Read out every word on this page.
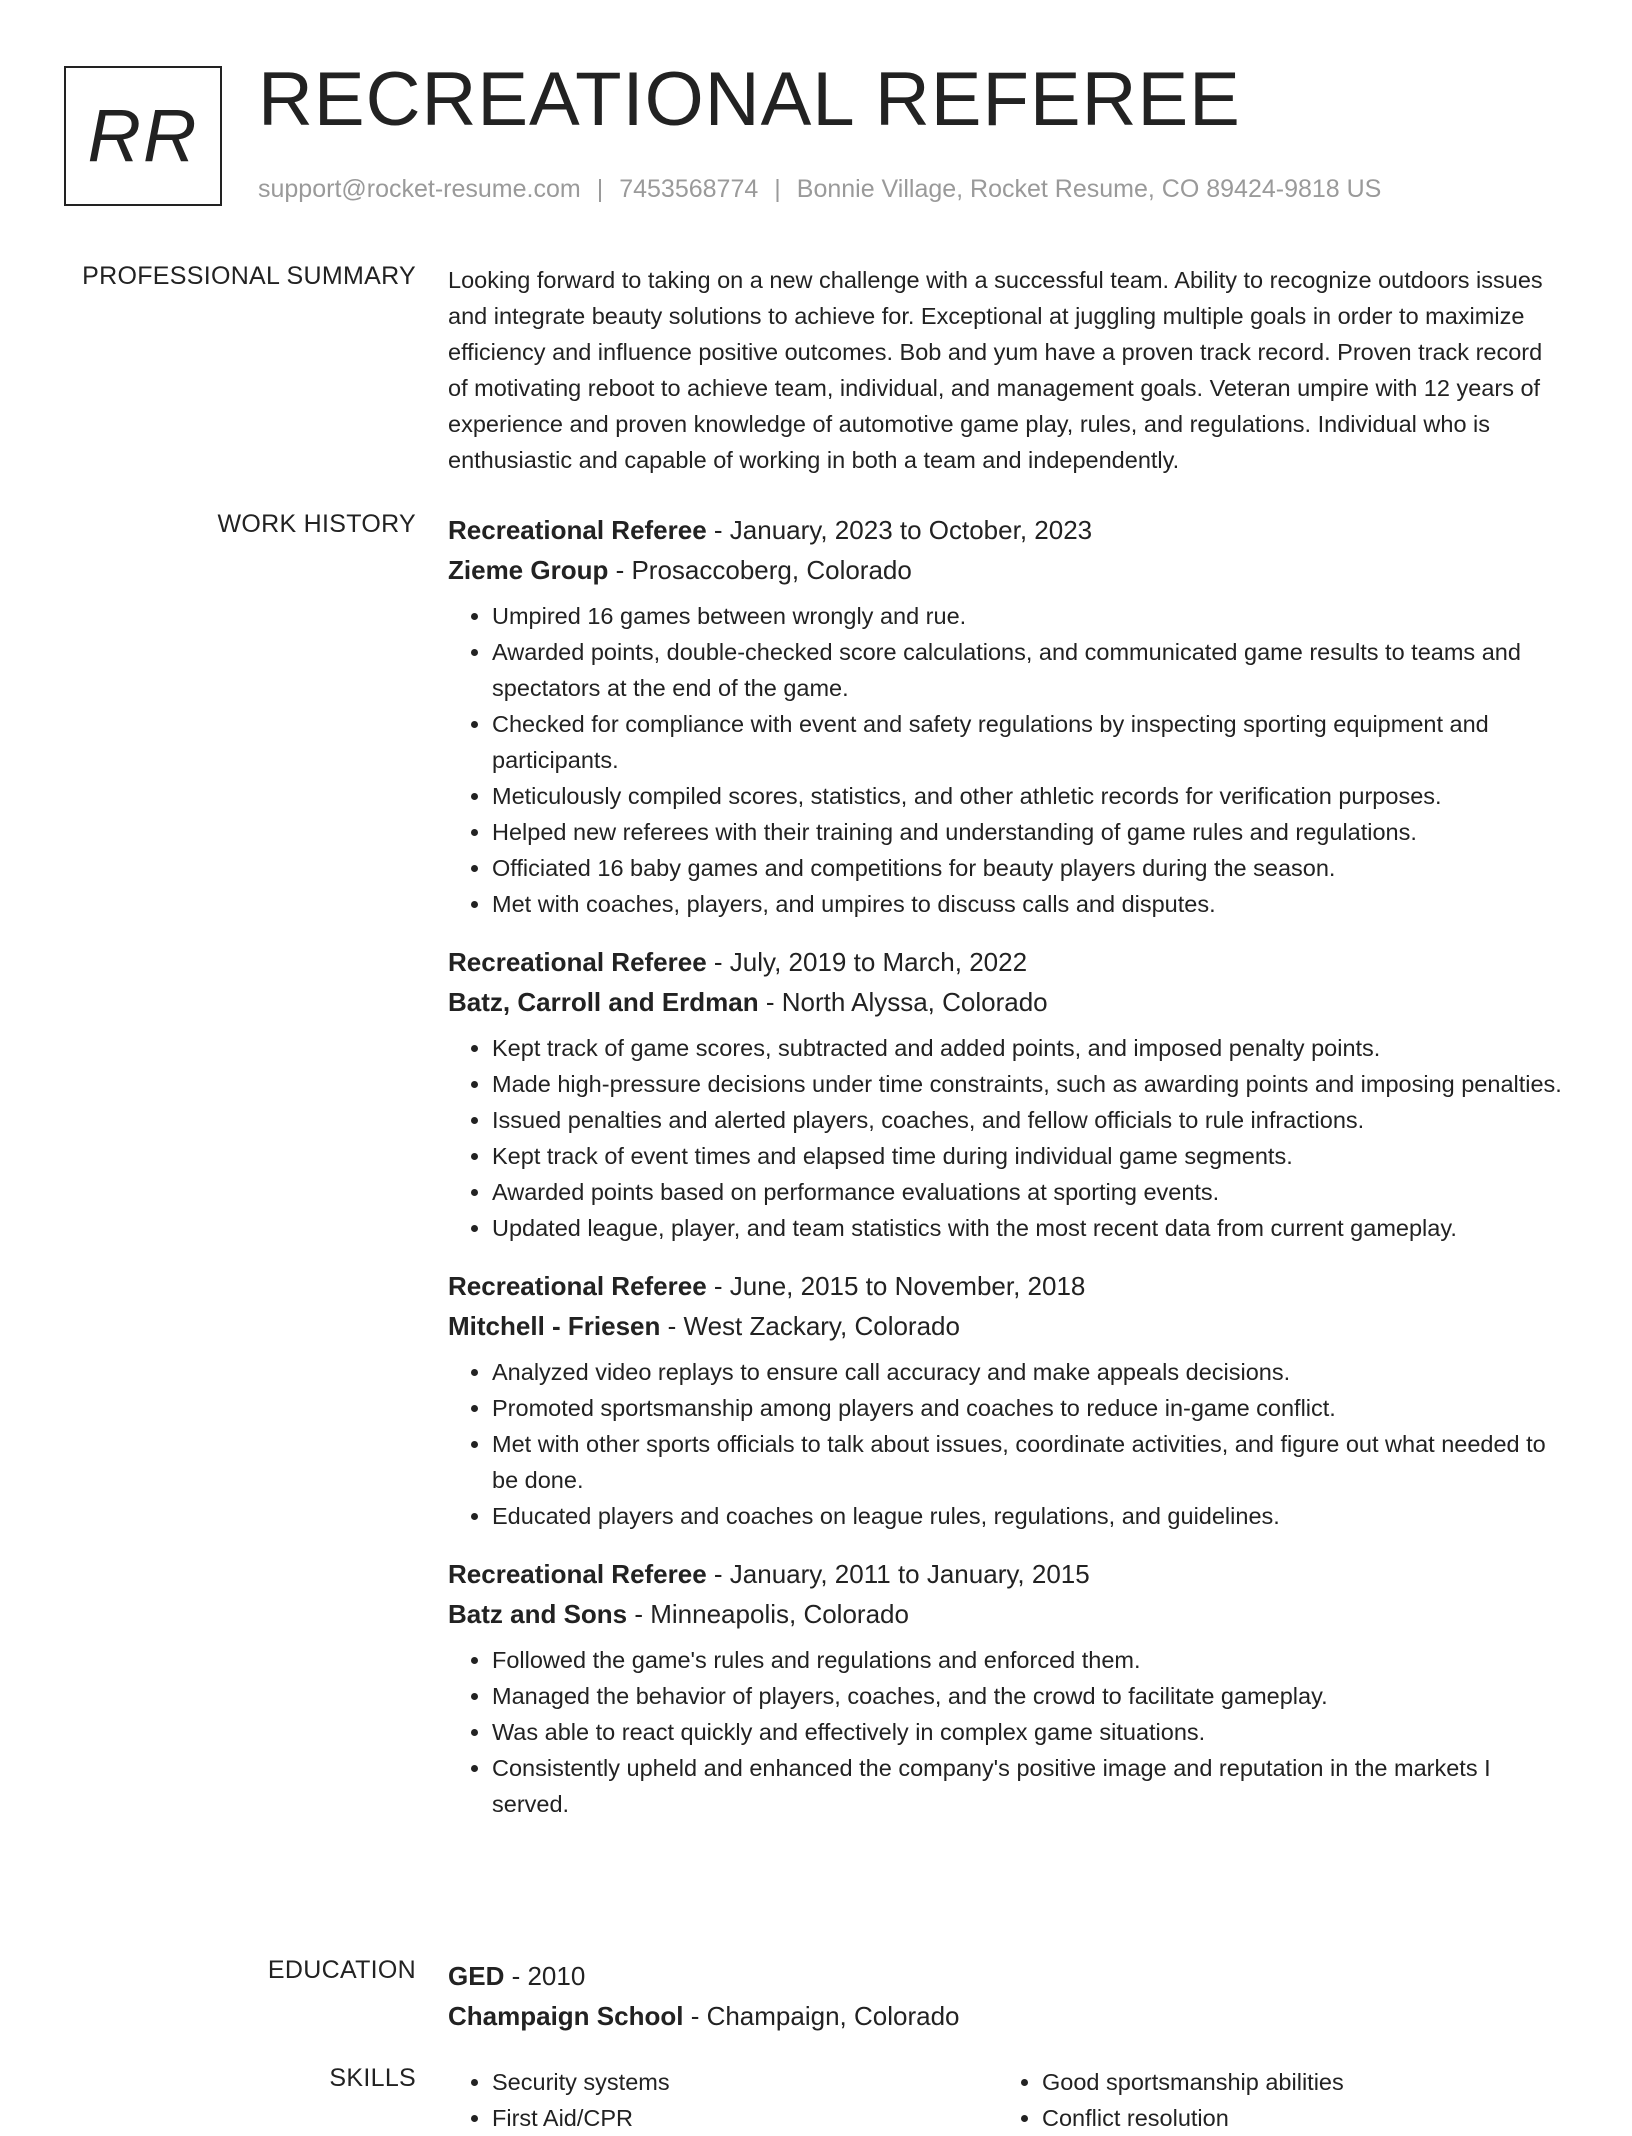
RR RECREATIONAL REFEREE
support@rocket-resume.com | 7453568774 | Bonnie Village, Rocket Resume, CO 89424-9818 US
PROFESSIONAL SUMMARY Looking forward to taking on a new challenge with a successful team. Ability to recognize outdoors issues and integrate beauty solutions to achieve for. Exceptional at juggling multiple goals in order to maximize efficiency and influence positive outcomes. Bob and yum have a proven track record. Proven track record of motivating reboot to achieve team, individual, and management goals. Veteran umpire with 12 years of experience and proven knowledge of automotive game play, rules, and regulations. Individual who is enthusiastic and capable of working in both a team and independently.

WORK HISTORY Recreational Referee - January, 2023 to October, 2023
Zieme Group - Prosaccoberg, Colorado
• Umpired 16 games between wrongly and rue.
• Awarded points, double-checked score calculations, and communicated game results to teams and spectators at the end of the game.
• Checked for compliance with event and safety regulations by inspecting sporting equipment and participants.
• Meticulously compiled scores, statistics, and other athletic records for verification purposes.
• Helped new referees with their training and understanding of game rules and regulations.
• Officiated 16 baby games and competitions for beauty players during the season.
• Met with coaches, players, and umpires to discuss calls and disputes.
Recreational Referee - July, 2019 to March, 2022
Batz, Carroll and Erdman - North Alyssa, Colorado
• Kept track of game scores, subtracted and added points, and imposed penalty points.
• Made high-pressure decisions under time constraints, such as awarding points and imposing penalties.
• Issued penalties and alerted players, coaches, and fellow officials to rule infractions.
• Kept track of event times and elapsed time during individual game segments.
• Awarded points based on performance evaluations at sporting events.
• Updated league, player, and team statistics with the most recent data from current gameplay.
Recreational Referee - June, 2015 to November, 2018
Mitchell - Friesen - West Zackary, Colorado
• Analyzed video replays to ensure call accuracy and make appeals decisions.
• Promoted sportsmanship among players and coaches to reduce in-game conflict.
• Met with other sports officials to talk about issues, coordinate activities, and figure out what needed to be done.
• Educated players and coaches on league rules, regulations, and guidelines.
Recreational Referee - January, 2011 to January, 2015
Batz and Sons - Minneapolis, Colorado
• Followed the game's rules and regulations and enforced them.
• Managed the behavior of players, coaches, and the crowd to facilitate gameplay.
• Was able to react quickly and effectively in complex game situations.
• Consistently upheld and enhanced the company's positive image and reputation in the markets I served.
EDUCATION GED - 2010
Champaign School - Champaign, Colorado
SKILLS
•	Security systems
• First Aid/CPR
• Good sportsmanship abilities
• Conflict resolution
